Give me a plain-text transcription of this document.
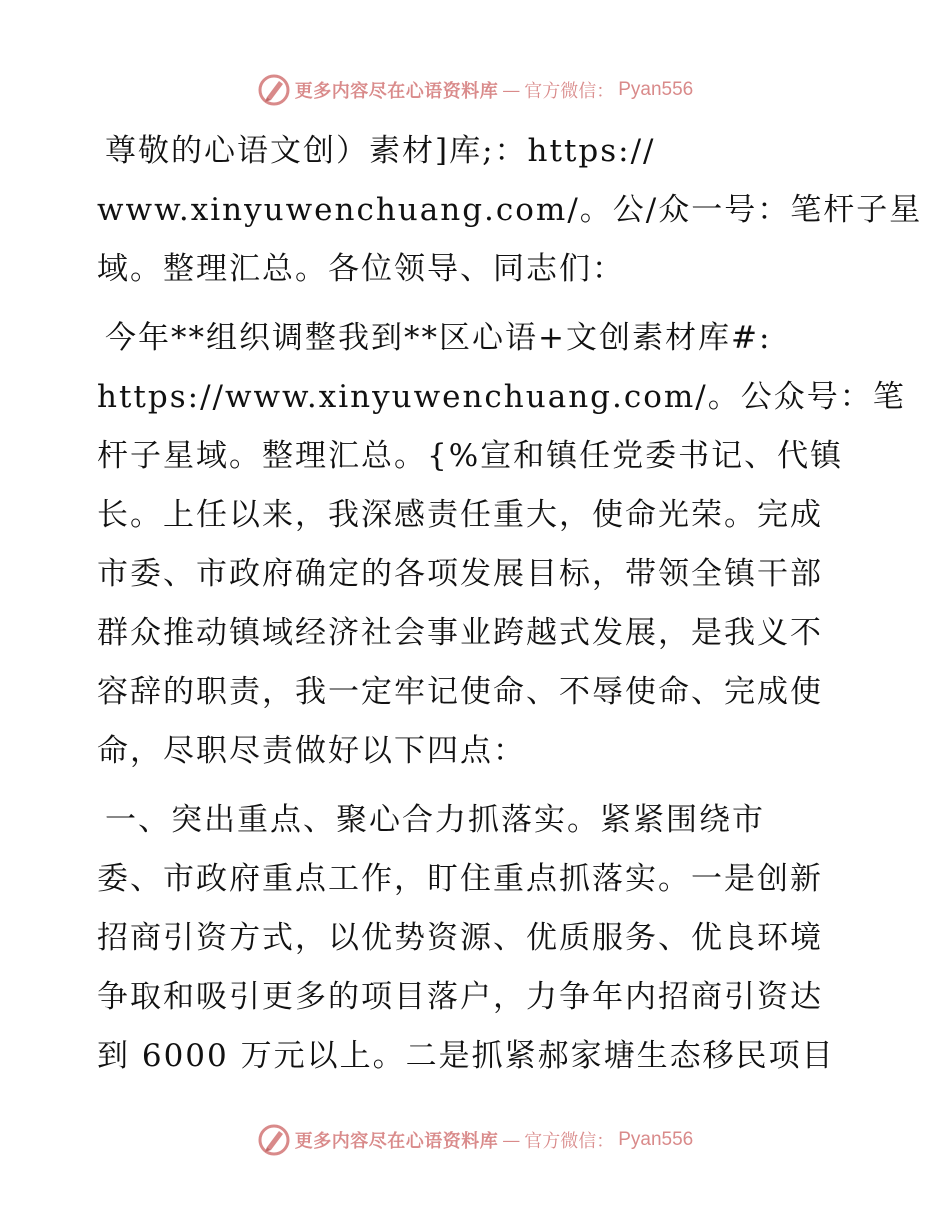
更多内容尽在心语资料库 — 官方微信： Pyan556
尊敬的心语文创）素材]库;：https://
www.xinyuwenchuang.com/。公/众一号：笔杆子星
域。整理汇总。各位领导、同志们：
今年**组织调整我到**区心语+文创素材库#:
https://www.xinyuwenchuang.com/。公众号：笔
杆子星域。整理汇总。{%宣和镇任党委书记、代镇
长。上任以来，我深感责任重大，使命光荣。完成
市委、市政府确定的各项发展目标，带领全镇干部
群众推动镇域经济社会事业跨越式发展，是我义不
容辞的职责，我一定牢记使命、不辱使命、完成使
命，尽职尽责做好以下四点：
一、突出重点、聚心合力抓落实。紧紧围绕市
委、市政府重点工作，盯住重点抓落实。一是创新
招商引资方式，以优势资源、优质服务、优良环境
争取和吸引更多的项目落户，力争年内招商引资达
到 6000 万元以上。二是抓紧郝家塘生态移民项目
更多内容尽在心语资料库 — 官方微信： Pyan556
